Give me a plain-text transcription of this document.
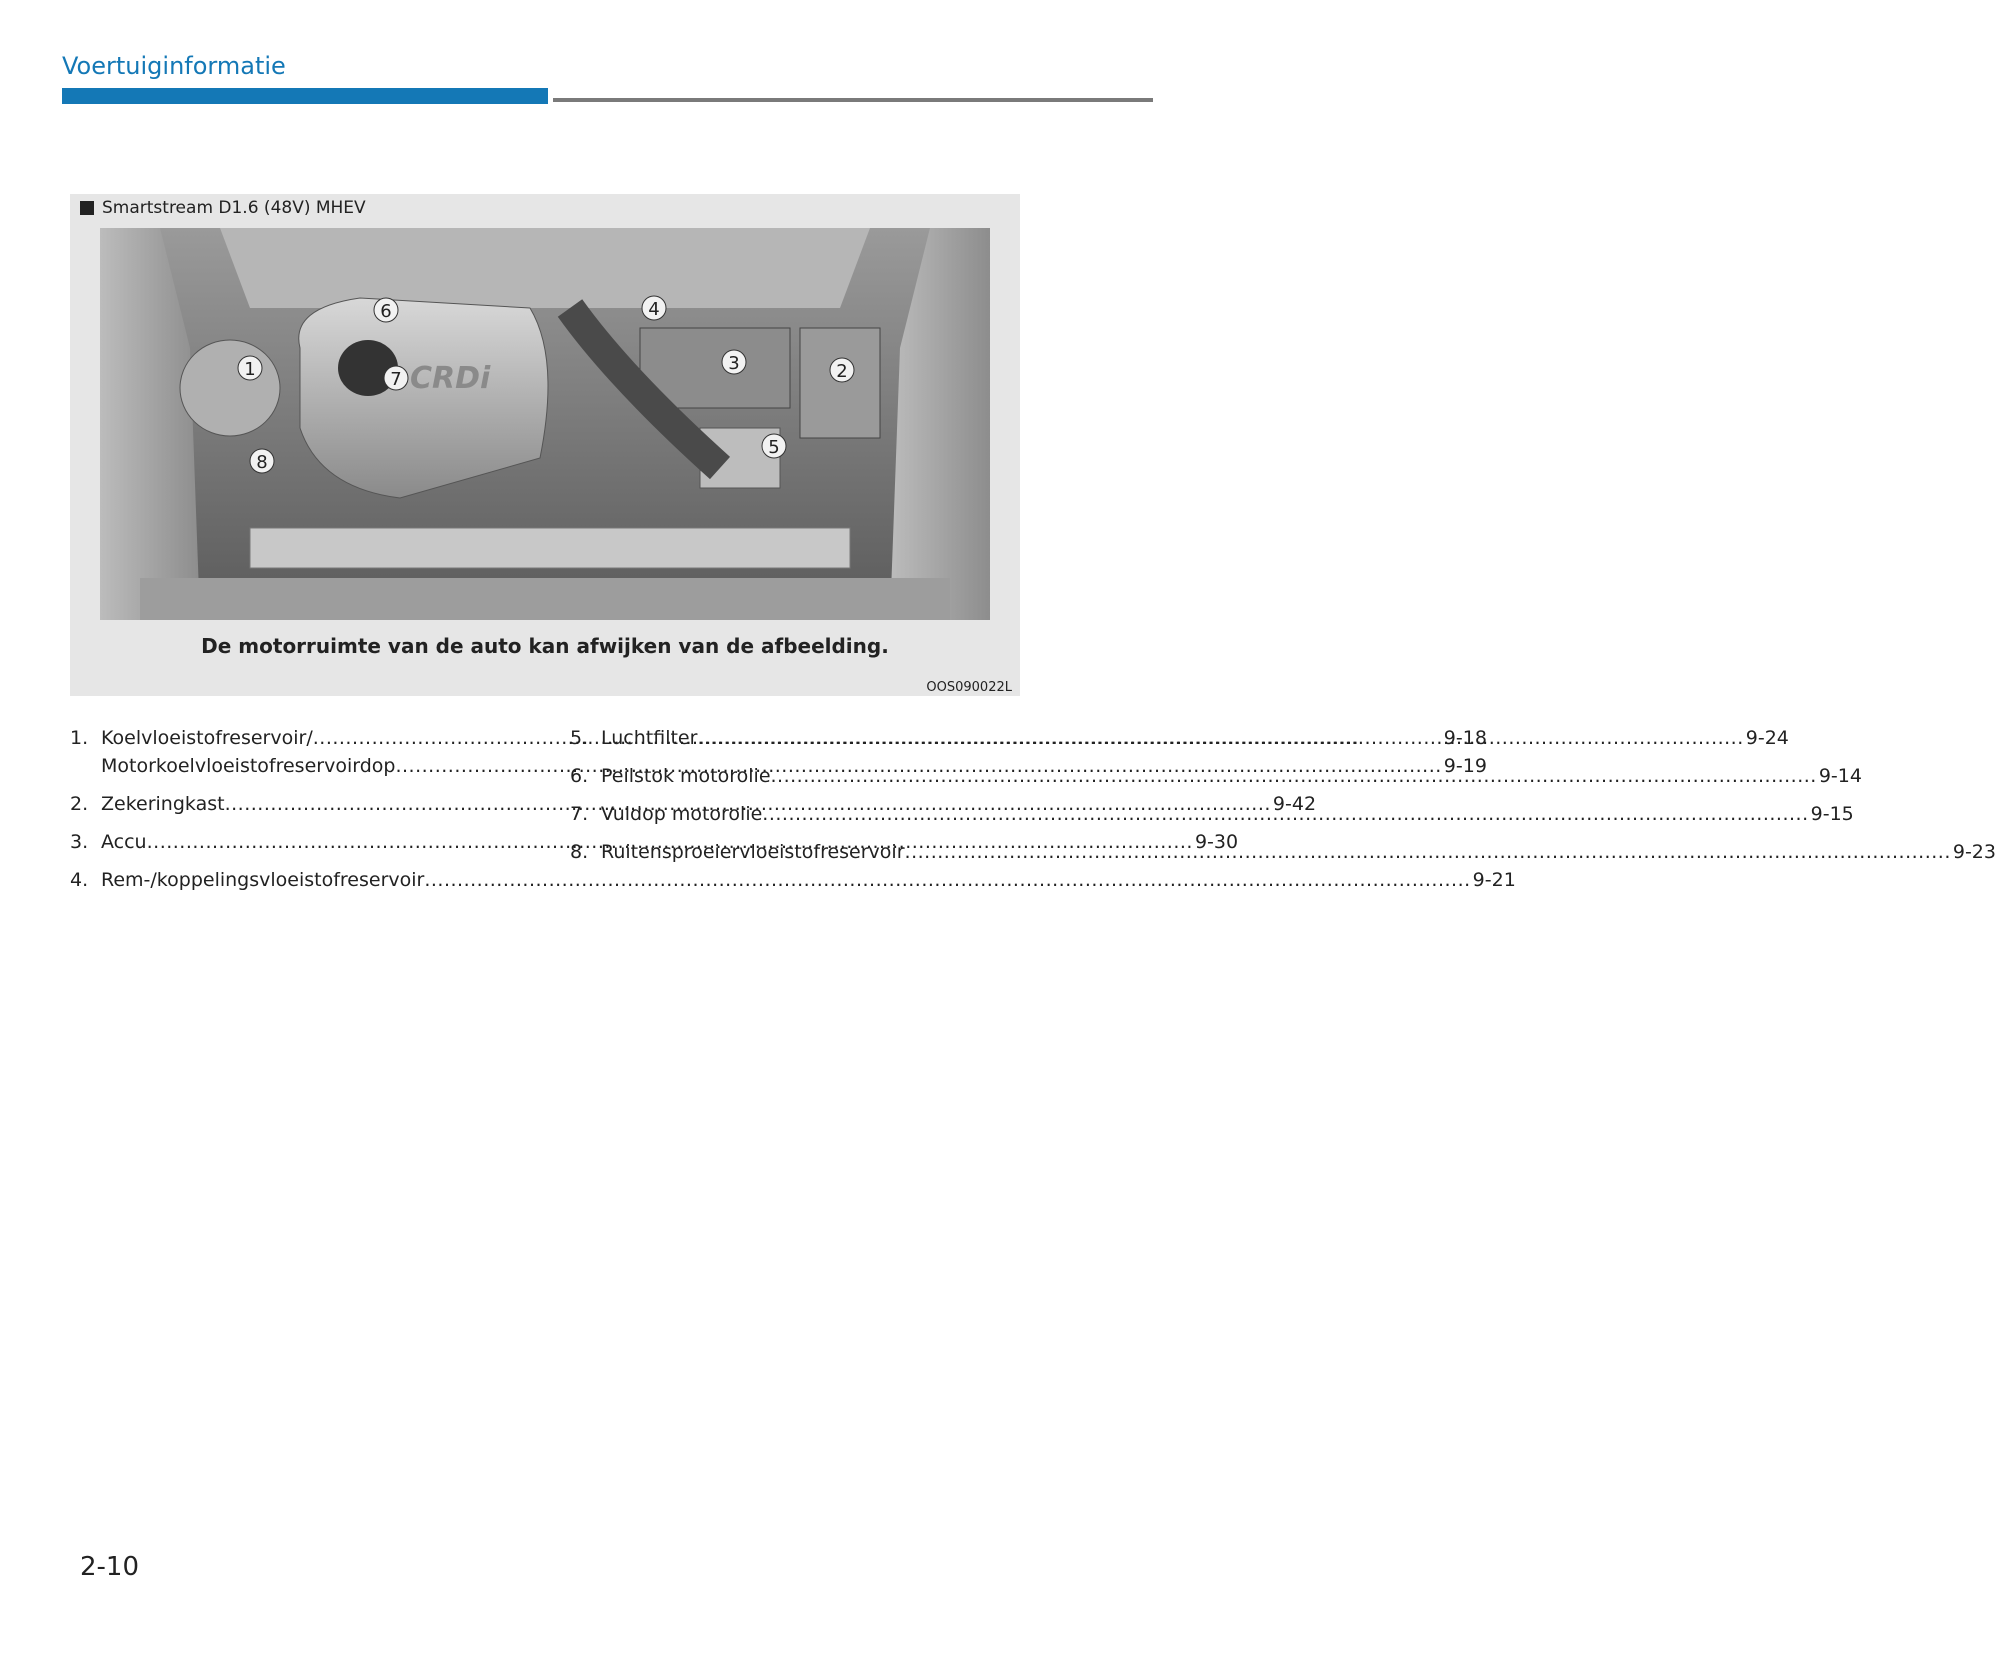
Voertuiginformatie
Smartstream D1.6 (48V) MHEV
CRDi
1	2
3
4
5
6
7
8
De motorruimte van de auto kan afwijken van de afbeelding.
OOS090022L
1. Koelvloeistofreservoir/ .....	9-18
Motorkoelvloeistofreservoirdop .....	9-19
2. Zekeringkast .....	9-42
3. Accu .....	9-30
4. Rem-/koppelingsvloeistofreservoir .....	9-21
5. Luchtfilter .....	9-24
6. Peilstok motorolie .....	9-14
7. Vuldop motorolie .....	9-15
8. Ruitensproeiervloeistofreservoir .....	9-23
2-10
